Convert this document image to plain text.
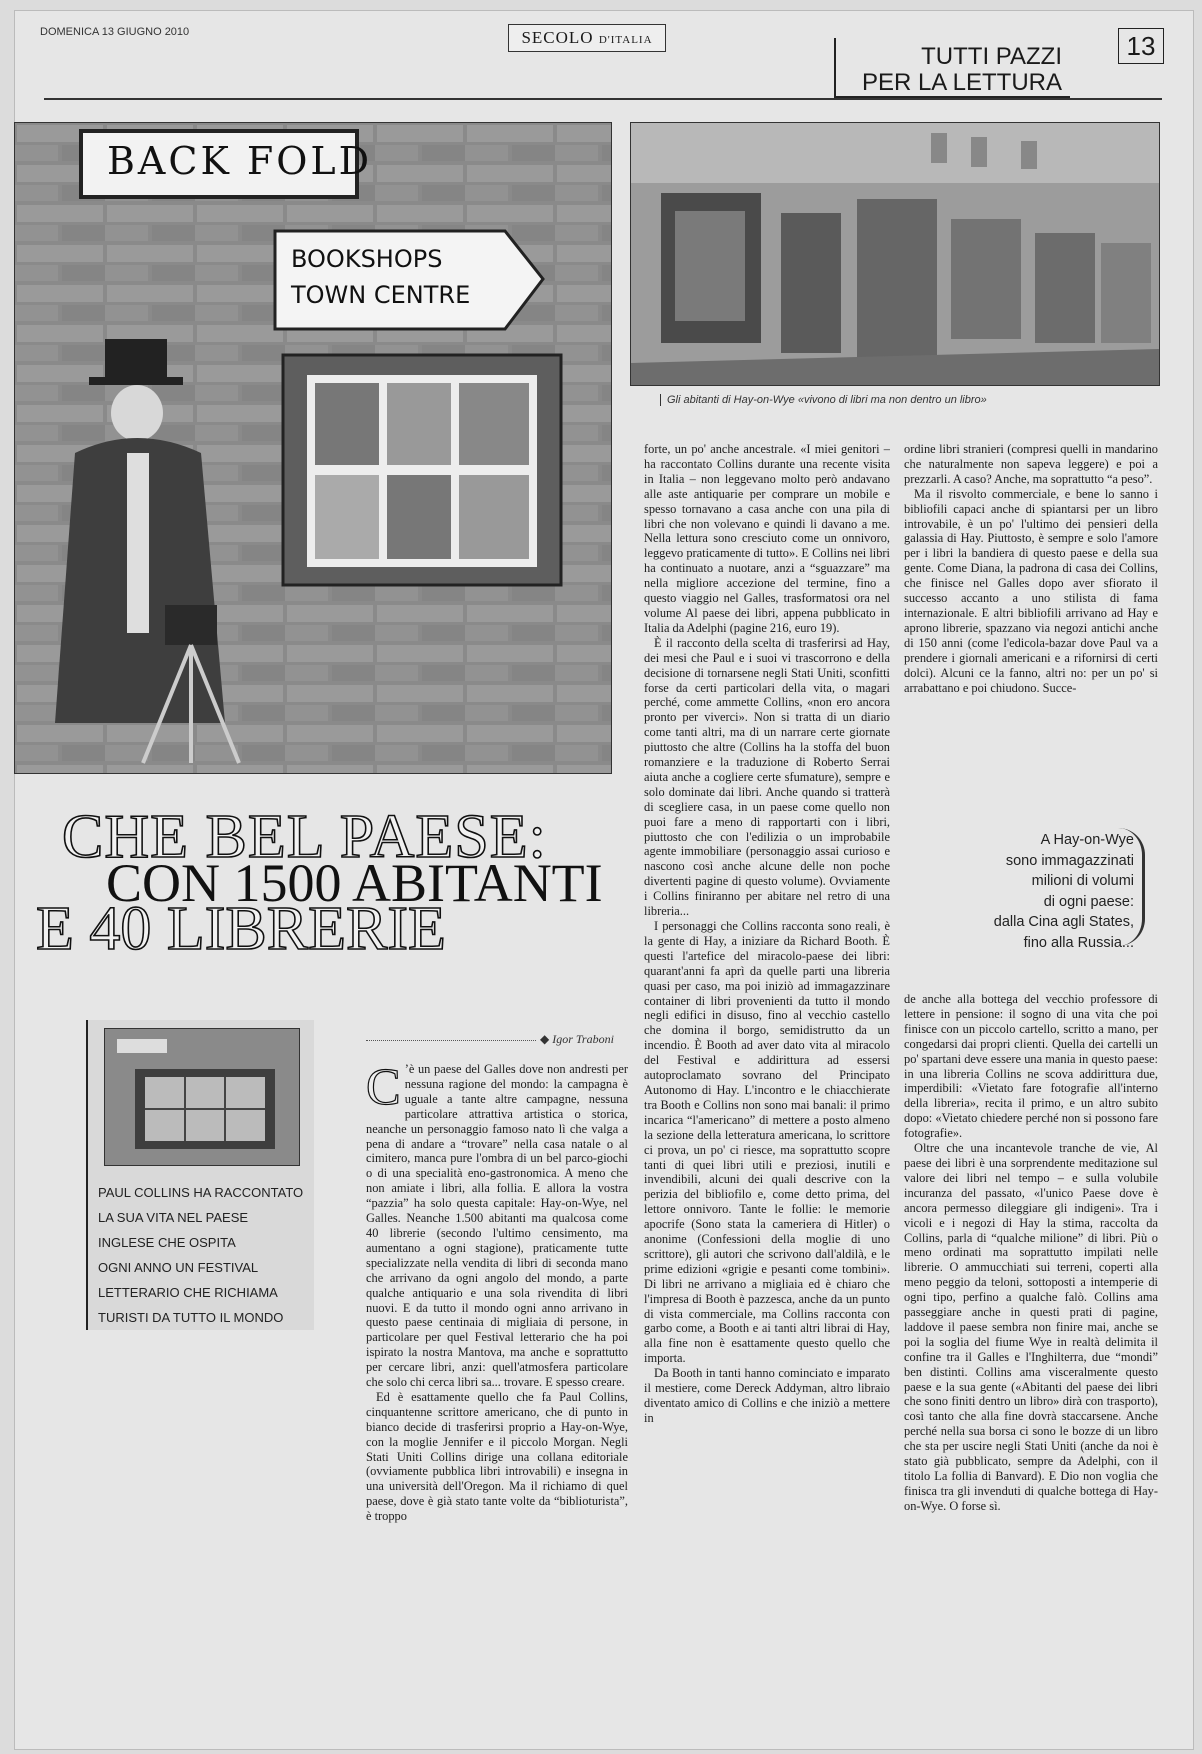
DOMENICA 13 GIUGNO 2010	SECOLO D'ITALIA
TUTTI PAZZI
PER LA LETTURA
13
BACK FOLD
BOOKSHOPS
TOWN CENTRE
Gli abitanti di Hay-on-Wye «vivono di libri ma non dentro un libro»
CHE BEL PAESE:
CON 1500 ABITANTI
E 40 LIBRERIE
PAUL COLLINS HA RACCONTATO
LA SUA VITA NEL PAESE
INGLESE CHE OSPITA
OGNI ANNO UN FESTIVAL
LETTERARIO CHE RICHIAMA
TURISTI DA TUTTO IL MONDO
A Hay-on-Wye
sono immagazzinati
milioni di volumi
di ogni paese:
dalla Cina agli States,
fino alla Russia...
◆ Igor Traboni
C ’è un paese del Galles dove non andresti per nessuna ragione del mondo: la campagna è uguale a tante altre campagne, nessuna particolare attrattiva artistica o storica, neanche un personaggio famoso nato lì che valga a pena di andare a “trovare” nella casa natale o al cimitero, manca pure l'ombra di un bel parco-giochi o di una specialità eno-gastronomica. A meno che non amiate i libri, alla follia. E allora la vostra “pazzia” ha solo questa capitale: Hay-on-Wye, nel Galles. Neanche 1.500 abitanti ma qualcosa come 40 librerie (secondo l'ultimo censimento, ma aumentano a ogni stagione), praticamente tutte specializzate nella vendita di libri di seconda mano che arrivano da ogni angolo del mondo, a parte qualche antiquario e una sola rivendita di libri nuovi. E da tutto il mondo ogni anno arrivano in questo paese centinaia di migliaia di persone, in particolare per quel Festival letterario che ha poi ispirato la nostra Mantova, ma anche e soprattutto per cercare libri, anzi: quell'atmosfera particolare che solo chi cerca libri sa... trovare. E spesso creare.

Ed è esattamente quello che fa Paul Collins, cinquantenne scrittore americano, che di punto in bianco decide di trasferirsi proprio a Hay-on-Wye, con la moglie Jennifer e il piccolo Morgan. Negli Stati Uniti Collins dirige una collana editoriale (ovviamente pubblica libri introvabili) e insegna in una università dell'Oregon. Ma il richiamo di quel paese, dove è già stato tante volte da “biblioturista”, è troppo

forte, un po' anche ancestrale. «I miei genitori – ha raccontato Collins durante una recente visita in Italia – non leggevano molto però andavano alle aste antiquarie per comprare un mobile e spesso tornavano a casa anche con una pila di libri che non volevano e quindi li davano a me. Nella lettura sono cresciuto come un onnivoro, leggevo praticamente di tutto». E Collins nei libri ha continuato a nuotare, anzi a “sguazzare” ma nella migliore accezione del termine, fino a questo viaggio nel Galles, trasformatosi ora nel volume Al paese dei libri, appena pubblicato in Italia da Adelphi (pagine 216, euro 19).

È il racconto della scelta di trasferirsi ad Hay, dei mesi che Paul e i suoi vi trascorrono e della decisione di tornarsene negli Stati Uniti, sconfitti forse da certi particolari della vita, o magari perché, come ammette Collins, «non ero ancora pronto per viverci». Non si tratta di un diario come tanti altri, ma di un narrare certe giornate piuttosto che altre (Collins ha la stoffa del buon romanziere e la traduzione di Roberto Serrai aiuta anche a cogliere certe sfumature), sempre e solo dominate dai libri. Anche quando si tratterà di scegliere casa, in un paese come quello non puoi fare a meno di rapportarti con i libri, piuttosto che con l'edilizia o un improbabile agente immobiliare (personaggio assai curioso e nascono così anche alcune delle non poche divertenti pagine di questo volume). Ovviamente i Collins finiranno per abitare nel retro di una libreria...

I personaggi che Collins racconta sono reali, è la gente di Hay, a iniziare da Richard Booth. È questi l'artefice del miracolo-paese dei libri: quarant'anni fa aprì da quelle parti una libreria quasi per caso, ma poi iniziò ad immagazzinare container di libri provenienti da tutto il mondo negli edifici in disuso, fino al vecchio castello che domina il borgo, semidistrutto da un incendio. È Booth ad aver dato vita al miracolo del Festival e addirittura ad essersi autoproclamato sovrano del Principato Autonomo di Hay. L'incontro e le chiacchierate tra Booth e Collins non sono mai banali: il primo incarica “l'americano” di mettere a posto almeno la sezione della letteratura americana, lo scrittore ci prova, un po' ci riesce, ma soprattutto scopre tanti di quei libri utili e preziosi, inutili e invendibili, alcuni dei quali descrive con la perizia del bibliofilo e, come detto prima, del lettore onnivoro. Tante le follie: le memorie apocrife (Sono stata la cameriera di Hitler) o anonime (Confessioni della moglie di uno scrittore), gli autori che scrivono dall'aldilà, e le prime edizioni «grigie e pesanti come tombini». Di libri ne arrivano a migliaia ed è chiaro che l'impresa di Booth è pazzesca, anche da un punto di vista commerciale, ma Collins racconta con garbo come, a Booth e ai tanti altri librai di Hay, alla fine non è esattamente questo quello che importa.

Da Booth in tanti hanno cominciato e imparato il mestiere, come Dereck Addyman, altro libraio diventato amico di Collins e che iniziò a mettere in

ordine libri stranieri (compresi quelli in mandarino che naturalmente non sapeva leggere) e poi a prezzarli. A caso? Anche, ma soprattutto “a peso”.

Ma il risvolto commerciale, e bene lo sanno i bibliofili capaci anche di spiantarsi per un libro introvabile, è un po' l'ultimo dei pensieri della galassia di Hay. Piuttosto, è sempre e solo l'amore per i libri la bandiera di questo paese e della sua gente. Come Diana, la padrona di casa dei Collins, che finisce nel Galles dopo aver sfiorato il successo accanto a uno stilista di fama internazionale. E altri bibliofili arrivano ad Hay e aprono librerie, spazzano via negozi antichi anche di 150 anni (come l'edicola-bazar dove Paul va a prendere i giornali americani e a rifornirsi di certi dolci). Alcuni ce la fanno, altri no: per un po' si arrabattano e poi chiudono. Succe-

de anche alla bottega del vecchio professore di lettere in pensione: il sogno di una vita che poi finisce con un piccolo cartello, scritto a mano, per congedarsi dai propri clienti. Quella dei cartelli un po' spartani deve essere una mania in questo paese: in una libreria Collins ne scova addirittura due, imperdibili: «Vietato fare fotografie all'interno della libreria», recita il primo, e un altro subito dopo: «Vietato chiedere perché non si possono fare fotografie».

Oltre che una incantevole tranche de vie, Al paese dei libri è una sorprendente meditazione sul valore dei libri nel tempo – e sulla volubile incuranza del passato, «l'unico Paese dove è ancora permesso dileggiare gli indigeni». Tra i vicoli e i negozi di Hay la stima, raccolta da Collins, parla di “qualche milione” di libri. Più o meno ordinati ma soprattutto impilati nelle librerie. O ammucchiati sui terreni, coperti alla meno peggio da teloni, sottoposti a intemperie di ogni tipo, perfino a qualche falò. Collins ama passeggiare anche in questi prati di pagine, laddove il paese sembra non finire mai, anche se poi la soglia del fiume Wye in realtà delimita il confine tra il Galles e l'Inghilterra, due “mondi” ben distinti. Collins ama visceralmente questo paese e la sua gente («Abitanti del paese dei libri che sono finiti dentro un libro» dirà con trasporto), così tanto che alla fine dovrà staccarsene. Anche perché nella sua borsa ci sono le bozze di un libro che sta per uscire negli Stati Uniti (anche da noi è stato già pubblicato, sempre da Adelphi, con il titolo La follia di Banvard). E Dio non voglia che finisca tra gli invenduti di qualche bottega di Hay-on-Wye. O forse sì.
